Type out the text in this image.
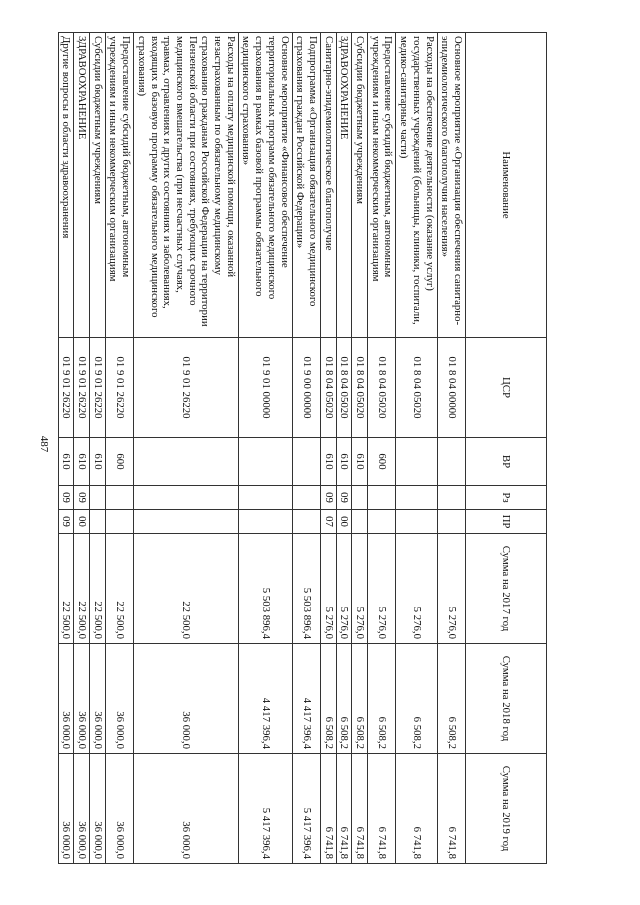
487
Наименование	ЦСР	ВР	Рз	ПР	Сумма на 2017 год	Сумма на 2018 год	Сумма на 2019 год
Основное мероприятие «Организация обеспечения санитарно-эпидемиологического благополучия населения»	01 8 04 00000				5 276,0	6 508,2	6 741,8
Расходы на обеспечение деятельности (оказание услуг) государственных учреждений (больницы, клиники, госпитали, медико-санитарные части)	01 8 04 05020				5 276,0	6 508,2	6 741,8
Предоставление субсидий бюджетным, автономным учреждениям и иным некоммерческим организациям	01 8 04 05020	600			5 276,0	6 508,2	6 741,8
Субсидии бюджетным учреждениям	01 8 04 05020	610			5 276,0	6 508,2	6 741,8
ЗДРАВООХРАНЕНИЕ	01 8 04 05020	610	09	00	5 276,0	6 508,2	6 741,8
Санитарно-эпидемиологическое благополучие	01 8 04 05020	610	09	07	5 276,0	6 508,2	6 741,8
Подпрограмма «Организация обязательного медицинского страхования граждан Российской Федерации»	01 9 00 00000				5 503 896,4	4 417 396,4	5 417 396,4
Основное мероприятие «Финансовое обеспечение территориальных программ обязательного медицинского страхования в рамках базовой программы обязательного медицинского страхования»	01 9 01 00000				5 503 896,4	4 417 396,4	5 417 396,4
Расходы на оплату медицинской помощи, оказанной незастрахованным по обязательному медицинскому страхованию гражданам Российской Федерации на территории Пензенской области при состояниях, требующих срочного медицинского вмешательства (при несчастных случаях, травмах, отравлениях и других состояниях и заболеваниях, входящих в базовую программу обязательного медицинского страхования)	01 9 01 26220				22 500,0	36 000,0	36 000,0
Предоставление субсидий бюджетным, автономным учреждениям и иным некоммерческим организациям	01 9 01 26220	600			22 500,0	36 000,0	36 000,0
Субсидии бюджетным учреждениям	01 9 01 26220	610			22 500,0	36 000,0	36 000,0
ЗДРАВООХРАНЕНИЕ	01 9 01 26220	610	09	00	22 500,0	36 000,0	36 000,0
Другие вопросы в области здравоохранения	01 9 01 26220	610	09	09	22 500,0	36 000,0	36 000,0
